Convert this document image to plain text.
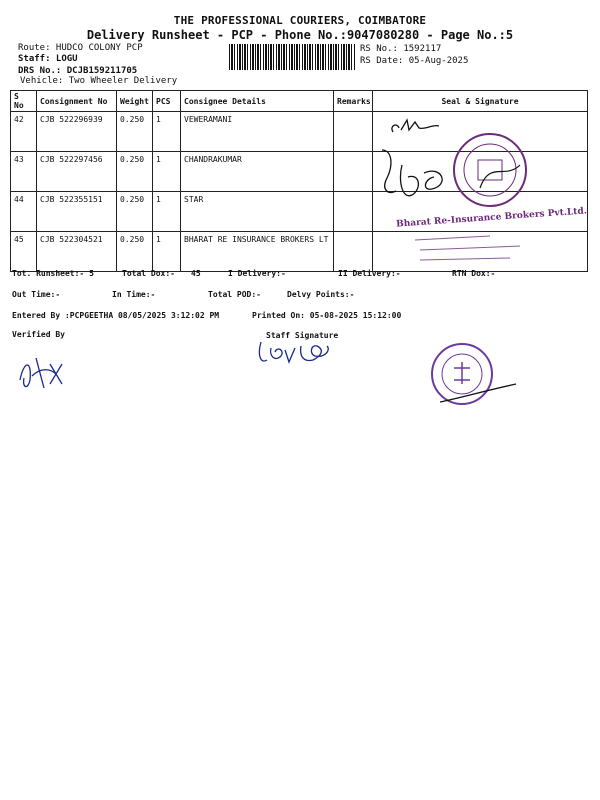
THE PROFESSIONAL COURIERS, COIMBATORE
Delivery Runsheet - PCP - Phone No.:9047080280 - Page No.:5
Route: HUDCO COLONY PCP
Staff: LOGU
DRS No.: DCJB159211705
Vehicle: Two Wheeler Delivery
RS No.: 1592117
RS Date: 05-Aug-2025
S No	Consignment No	Weight	PCS	Consignee Details	Remarks	Seal & Signature
42	CJB 522296939	0.250	1	VEWERAMANI		
43	CJB 522297456	0.250	1	CHANDRAKUMAR		
44	CJB 522355151	0.250	1	STAR		
45	CJB 522304521	0.250	1	BHARAT RE INSURANCE BROKERS LT		
Bharat Re-Insurance Brokers Pvt.Ltd.
Tot. Runsheet:- 5	Total Dox:- 45	I Delivery:-	II Delivery:-	RTN Dox:-
Out Time:-	In Time:-	Total POD:-	Delvy Points:-
Entered By :PCPGEETHA 08/05/2025 3:12:02 PM	Printed On: 05-08-2025 15:12:00
Verified By	Staff Signature
